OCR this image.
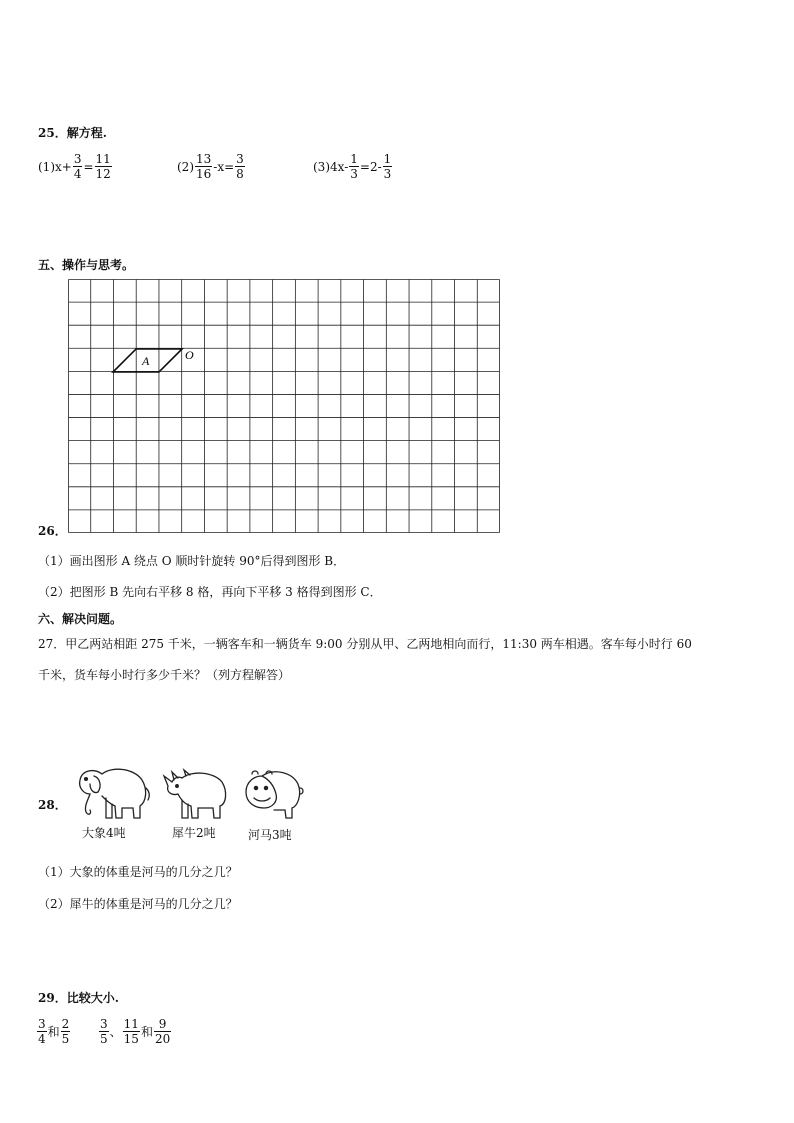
25．解方程.
$(1)x+ \frac{3}{4} = \frac{11}{12}$	$(2) \frac{13}{16} -x= \frac{3}{8}$	$(3)4x- \frac{1}{3} =2- \frac{1}{3}$
五、操作与思考。
A	O
26．
（1）画出图形 A 绕点 O 顺时针旋转 90°后得到图形 B．
（2）把图形 B 先向右平移 8 格，再向下平移 3 格得到图形 C．
六、解决问题。
27．甲乙两站相距 275 千米，一辆客车和一辆货车 9:00 分别从甲、乙两地相向而行，11:30 两车相遇。客车每小时行 60
千米，货车每小时行多少千米？（列方程解答）
28．
大象4吨	犀牛2吨	河马3吨
（1）大象的体重是河马的几分之几？
（2）犀牛的体重是河马的几分之几？
29．比较大小.
$\frac{3}{4}$ 和 $\frac{2}{5} \frac{3}{5}$ 、 $\frac{11}{15}$ 和 $\frac{9}{20}$
